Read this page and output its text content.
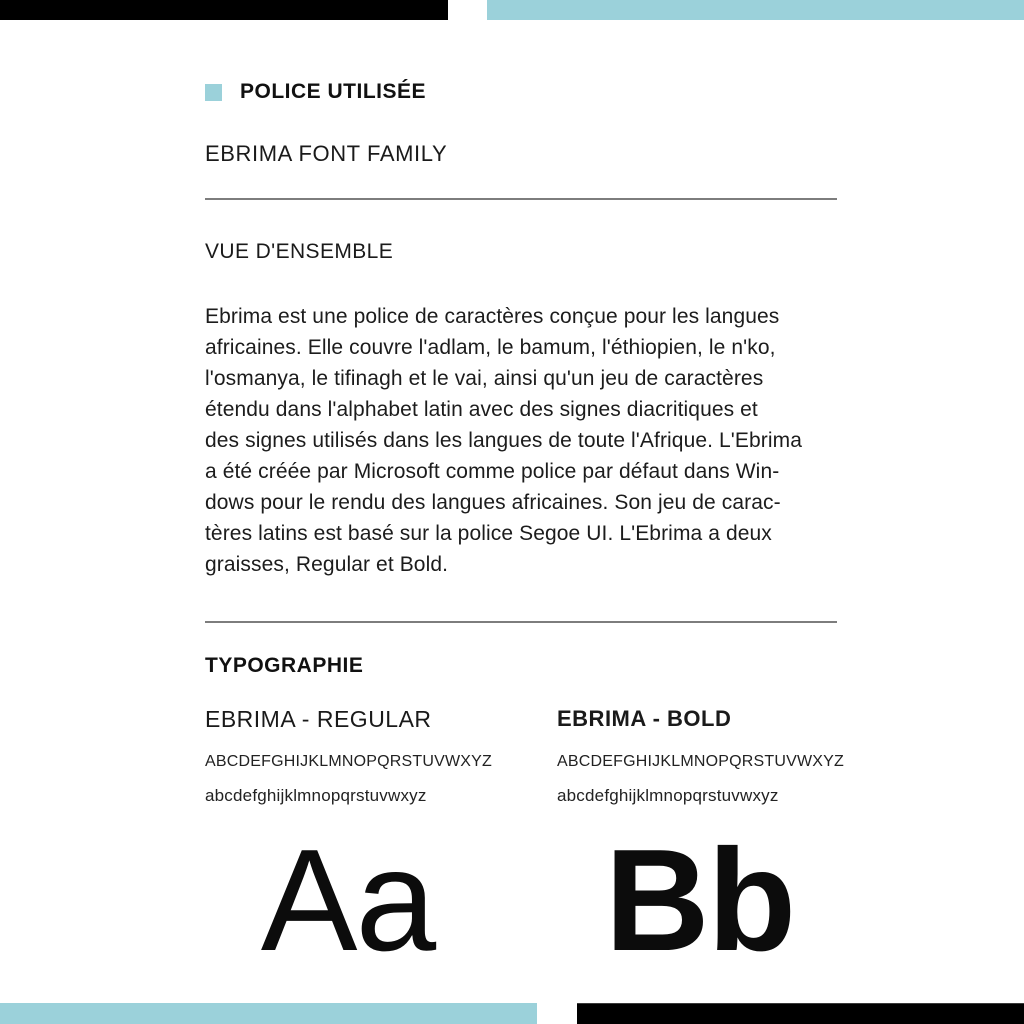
POLICE UTILISÉE
EBRIMA FONT FAMILY
VUE D'ENSEMBLE
Ebrima est une police de caractères conçue pour les langues
africaines. Elle couvre l'adlam, le bamum, l'éthiopien, le n'ko,
l'osmanya, le tifinagh et le vai, ainsi qu'un jeu de caractères
étendu dans l'alphabet latin avec des signes diacritiques et
des signes utilisés dans les langues de toute l'Afrique. L'Ebrima
a été créée par Microsoft comme police par défaut dans Win-
dows pour le rendu des langues africaines. Son jeu de carac-
tères latins est basé sur la police Segoe UI. L'Ebrima a deux
graisses, Regular et Bold.
TYPOGRAPHIE
EBRIMA - REGULAR
ABCDEFGHIJKLMNOPQRSTUVWXYZ
abcdefghijklmnopqrstuvwxyz
Aa
EBRIMA - BOLD
ABCDEFGHIJKLMNOPQRSTUVWXYZ
abcdefghijklmnopqrstuvwxyz
Bb
